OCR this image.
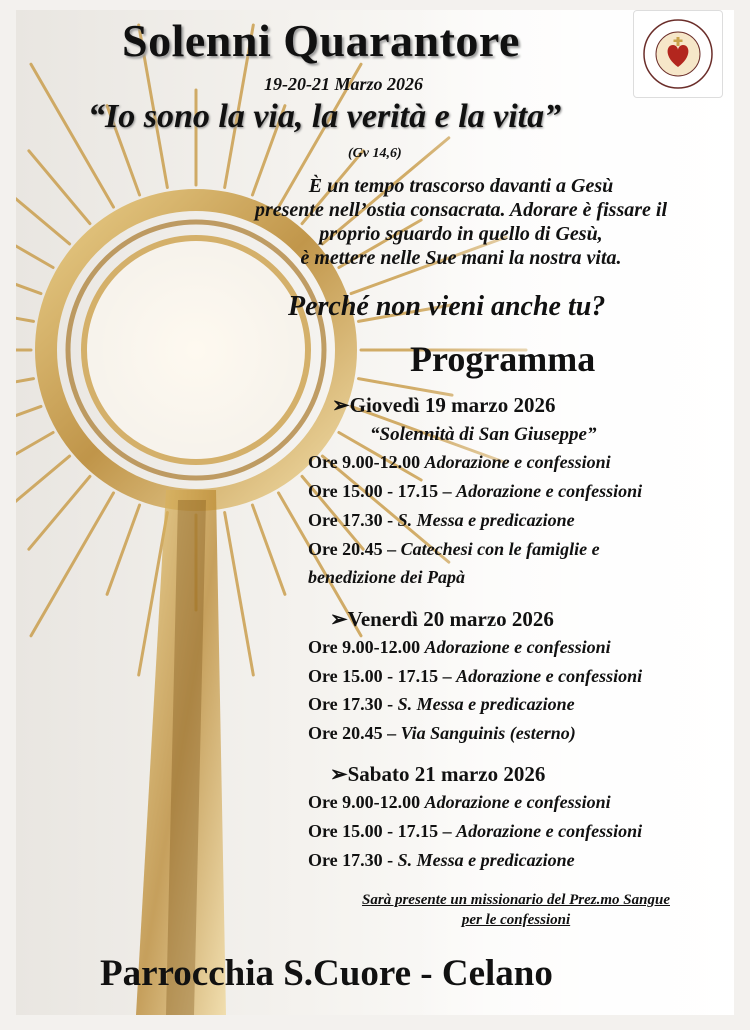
Solenni Quarantore
19-20-21 Marzo 2026
“Io sono la via, la verità e la vita”
(Gv 14,6)
È un tempo trascorso davanti a Gesù
presente nell’ostia consacrata. Adorare è fissare il
proprio sguardo in quello di Gesù,
è mettere nelle Sue mani la nostra vita.
Perché non vieni anche tu?
Programma
➢Giovedì 19 marzo 2026
“Solennità di San Giuseppe”
Ore 9.00-12.00 Adorazione e confessioni
Ore 15.00 - 17.15 – Adorazione e confessioni
Ore 17.30 - S. Messa e predicazione
Ore 20.45 – Catechesi con le famiglie e
benedizione dei Papà
➢Venerdì 20 marzo 2026
Ore 9.00-12.00 Adorazione e confessioni
Ore 15.00 - 17.15 – Adorazione e confessioni
Ore 17.30 - S. Messa e predicazione
Ore 20.45 – Via Sanguinis (esterno)
➢Sabato 21 marzo 2026
Ore 9.00-12.00 Adorazione e confessioni
Ore 15.00 - 17.15 – Adorazione e confessioni
Ore 17.30 - S. Messa e predicazione
Sarà presente un missionario del Prez.mo Sangue
per le confessioni
Parrocchia S.Cuore - Celano
